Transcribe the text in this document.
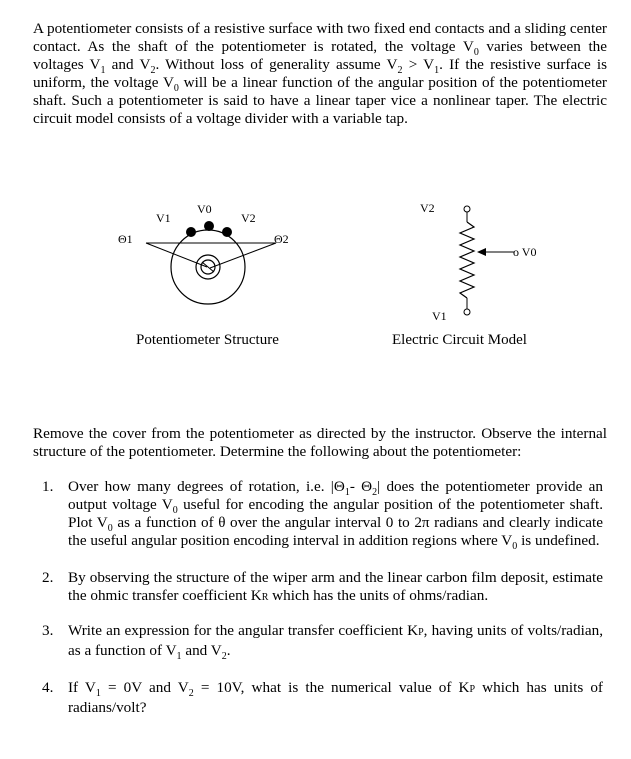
A potentiometer consists of a resistive surface with two fixed end contacts and a sliding center contact. As the shaft of the potentiometer is rotated, the voltage $V_0$ varies between the voltages $V_1$ and $V_2$. Without loss of generality assume $V_2 > V_1$. If the resistive surface is uniform, the voltage $V_0$ will be a linear function of the angular position of the potentiometer shaft. Such a potentiometer is said to have a linear taper vice a nonlinear taper. The electric circuit model consists of a voltage divider with a variable tap.

V0
V1	V2
Θ1	Θ2
V2
o V0
V1
Potentiometer Structure	Electric Circuit Model

Remove the cover from the potentiometer as directed by the instructor. Observe the internal structure of the potentiometer. Determine the following about the potentiometer:

1. Over how many degrees of rotation, i.e. $|\Theta_1-$ $\Theta_2|$ does the potentiometer provide an output voltage $V_0$ useful for encoding the angular position of the potentiometer shaft. Plot $V_0$ as a function of θ over the angular interval 0 to 2π radians and clearly indicate the useful angular position encoding interval in addition regions where $V_0$ is undefined.
2. By observing the structure of the wiper arm and the linear carbon film deposit, estimate the ohmic transfer coefficient KR which has the units of ohms/radian.
3. Write an expression for the angular transfer coefficient KP, having units of volts/radian, as a function of $V_1$ and $V_2$.
4. If $V_1 = 0V$ and $V_2 = 10V$, what is the numerical value of KP which has units of radians/volt?
